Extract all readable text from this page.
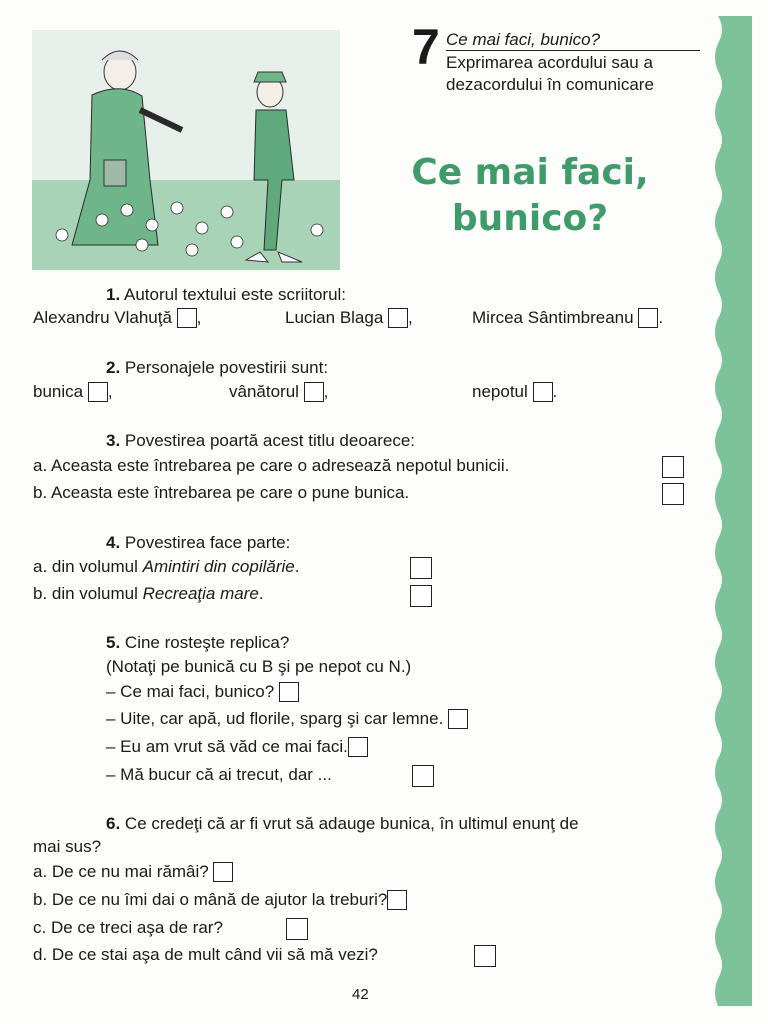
7 Ce mai faci, bunico?
Exprimarea acordului sau a dezacordului în comunicare
Ce mai faci,
bunico?
1. Autorul textului este scriitorul:
Alexandru Vlahuţă ,	Lucian Blaga ,	Mircea Sântimbreanu .
2. Personajele povestirii sunt:
bunica ,	vânătorul ,	nepotul .
3. Povestirea poartă acest titlu deoarece:
a. Aceasta este întrebarea pe care o adresează nepotul bunicii.
b. Aceasta este întrebarea pe care o pune bunica.
4. Povestirea face parte:
a. din volumul Amintiri din copilărie.
b. din volumul Recreaţia mare.
5. Cine rosteşte replica?
(Notaţi pe bunică cu B şi pe nepot cu N.)
– Ce mai faci, bunico?
– Uite, car apă, ud florile, sparg şi car lemne.
– Eu am vrut să văd ce mai faci.
– Mă bucur că ai trecut, dar ...
6. Ce credeţi că ar fi vrut să adauge bunica, în ultimul enunţ de
mai sus?
a. De ce nu mai rămâi?
b. De ce nu îmi dai o mână de ajutor la treburi?
c. De ce treci aşa de rar?
d. De ce stai aşa de mult când vii să mă vezi?
42
